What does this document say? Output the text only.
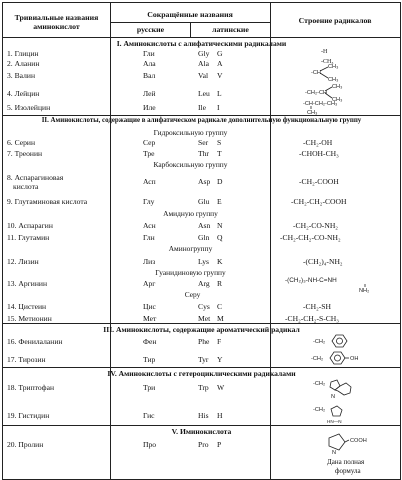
Тривиальные названия аминокислот
Сокращённые названия
русские	латинские
Строение радикалов
I. Аминокислоты с алифатическими радикалами
1. Глицин	Гли	Gly G	-H
2. Аланин	Ала	Ala A	-CH₃
3. Валин	Вал	Val V	-CH
CH₃
CH₃
4. Лейцин	Лей	Leu L	-CH₂-CH
CH₃
CH₃
5. Изолейцин	Иле	Ile I	-CH-CH₂-CH₃
CH₃
II. Аминокислоты, содержащие в алифатическом радикале дополнительную функциональную группу
Гидроксильную группу
6. Серин	Сер	Ser S	-CH₂-OH
7. Треонин	Тре	Thr T	-CHOH-CH₃
Карбоксильную группу
8. Аспарагиновая
кислота
Асп	Asp D	-CH₂-COOH
9. Глутаминовая кислота	Глу	Glu E	-CH₂-CH₂-COOH
Амидную группу
10. Аспарагин	Асн	Asn N	-CH₂-CO-NH₂
11. Глутамин	Глн	Gln Q	-CH₂-CH₂-CO-NH₂
Аминогруппу
12. Лизин	Лиз	Lys K	-(CH₂)₄-NH₂
Гуанидиновую группу
13. Аргинин	Арг	Arg R	-(CH₂)₃-NH-C=NH
NH₂
Серу
14. Цистеин	Цис	Cys C	-CH₂-SH
15. Метионин	Мет	Met M	-CH₂-CH₂-S-CH₃
III. Аминокислоты, содержащие ароматический радикал
16. Фенилаланин	Фен	Phe F	-CH₂
17. Тирозин	Тир	Tyr Y	-CH₂	OH
IV. Аминокислоты с гетероциклическими радикалами
18. Триптофан	Три	Trp W	-CH₂
N
19. Гистидин	Гис	His H
-CH₂
HN—N
V. Иминокислота
20. Пролин	Про	Pro P	COOH
N
Дана полная
формула
